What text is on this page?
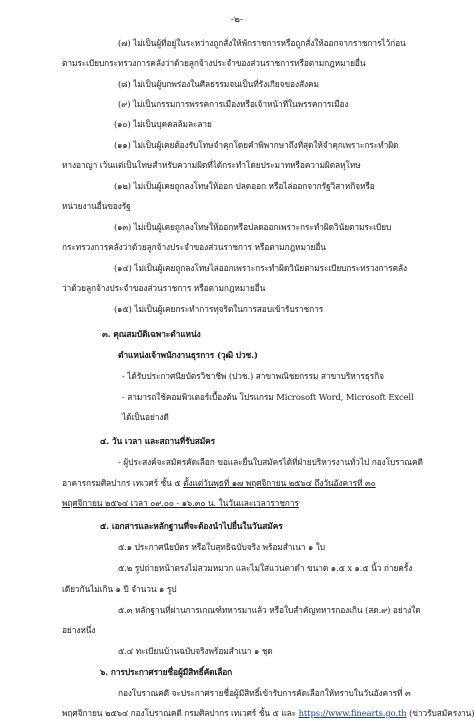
-๒-
(๗) ไม่เป็นผู้ที่อยู่ในระหว่างถูกสั่งให้พักราชการหรือถูกสั่งให้ออกจากราชการไว้ก่อน
ตามระเบียบกระทรวงการคลังว่าด้วยลูกจ้างประจำของส่วนราชการหรือตามกฎหมายอื่น
(๘) ไม่เป็นผู้บกพร่องในศีลธรรมจนเป็นที่รังเกียจของสังคม
(๙) ไม่เป็นกรรมการพรรคการเมืองหรือเจ้าหน้าที่ในพรรคการเมือง
(๑๐) ไม่เป็นบุคคลล้มละลาย
(๑๑) ไม่เป็นผู้เคยต้องรับโทษจำคุกโดยคำพิพากษาถึงที่สุดให้จำคุกเพราะกระทำผิด
ทางอาญา เว้นแต่เป็นโทษสำหรับความผิดที่ได้กระทำโดยประมาทหรือความผิดลหุโทษ
(๑๒) ไม่เป็นผู้เคยถูกลงโทษให้ออก ปลดออก หรือไล่ออกจากรัฐวิสาหกิจหรือ
หน่วยงานอื่นของรัฐ
(๑๓) ไม่เป็นผู้เคยถูกลงโทษให้ออกหรือปลดออกเพราะกระทำผิดวินัยตามระเบียบ
กระทรวงการคลังว่าด้วยลูกจ้างประจำของส่วนราชการ หรือตามกฎหมายอื่น
(๑๔) ไม่เป็นผู้เคยถูกลงโทษไล่ออกเพราะกระทำผิดวินัยตามระเบียบกระทรวงการคลัง
ว่าด้วยลูกจ้างประจำของส่วนราชการ หรือตามกฎหมายอื่น
(๑๕) ไม่เป็นผู้เคยกระทำการทุจริตในการสอบเข้ารับราชการ
๓. คุณสมบัติเฉพาะตำแหน่ง
ตำแหน่งเจ้าพนักงานธุรการ (วุฒิ ปวช.)
- ได้รับประกาศนียบัตรวิชาชีพ (ปวช.) สาขาพณิชยกรรม สาขาบริหารธุรกิจ
- สามารถใช้คอมพิวเตอร์เบื้องต้น โปรแกรม Microsoft Word, Microsoft Excell
ได้เป็นอย่างดี
๔. วัน เวลา และสถานที่รับสมัคร
- ผู้ประสงค์จะสมัครคัดเลือก ขอและยื่นใบสมัครได้ที่ฝ่ายบริหารงานทั่วไป กองโบราณคดี
อาคารกรมศิลปากร เทเวศร์ ชั้น ๕ ตั้งแต่วันพุธที่ ๑๗ พฤศจิกายน ๒๕๖๔ ถึงวันอังคารที่ ๓๐
พฤศจิกายน ๒๕๖๔ เวลา ๐๙.๐๐ - ๑๖.๓๐ น. ในวันและเวลาราชการ
๕. เอกสารและหลักฐานที่จะต้องนำไปยื่นในวันสมัคร
๕.๑ ประกาศนียบัตร หรือใบสุทธิฉบับจริง พร้อมสำเนา ๑ ใบ
๕.๒ รูปถ่ายหน้าตรงไม่สวมหมวก และไม่ใส่แว่นตาดำ ขนาด ๑.๕ x ๑.๕ นิ้ว ถ่ายครั้ง
เดียวกันไม่เกิน ๑ ปี จำนวน ๑ รูป
๕.๓ หลักฐานที่ผ่านการเกณฑ์ทหารมาแล้ว หรือใบสำคัญทหารกองเกิน (สด.๙) อย่างใด
อย่างหนึ่ง
๕.๔ ทะเบียนบ้านฉบับจริงพร้อมสำเนา ๑ ชุด
๖. การประกาศรายชื่อผู้มีสิทธิ์คัดเลือก
กองโบราณคดี จะประกาศรายชื่อผู้มีสิทธิ์เข้ารับการคัดเลือกให้ทราบในวันอังคารที่ ๓
พฤศจิกายน ๒๕๖๔ กองโบราณคดี กรมศิลปากร เทเวศร์ ชั้น ๕ และ https://www.finearts.go.th (ข่าวรับสมัครงาน)
